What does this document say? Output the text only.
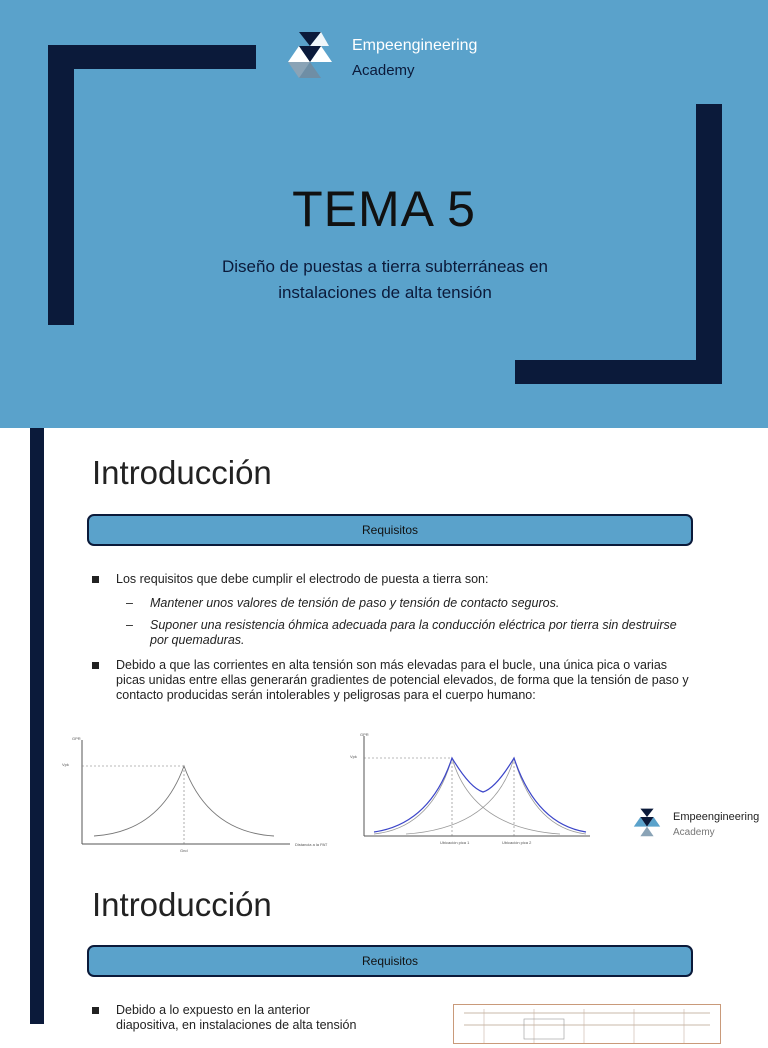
Empeengineering
Academy
TEMA 5
Diseño de puestas a tierra subterráneas en instalaciones de alta tensión
Introducción
Requisitos
Los requisitos que debe cumplir el electrodo de puesta a tierra son:
– Mantener unos valores de tensión de paso y tensión de contacto seguros.
– Suponer una resistencia óhmica adecuada para la conducción eléctrica por tierra sin destruirse por quemaduras.
Debido a que las corrientes en alta tensión son más elevadas para el bucle, una única pica o varias picas unidas entre ellas generarán gradientes de potencial elevados, de forma que la tensión de paso y contacto producidas serán intolerables y peligrosas para el cuerpo humano:
GPR
Vpk
Gnd
Distancia a la PAT
GPR
Vpk
Ubicación pica 1	Ubicación pica 2
Empeengineering
Academy
Introducción
Requisitos
Debido a lo expuesto en la anterior
diapositiva, en instalaciones de alta tensión
